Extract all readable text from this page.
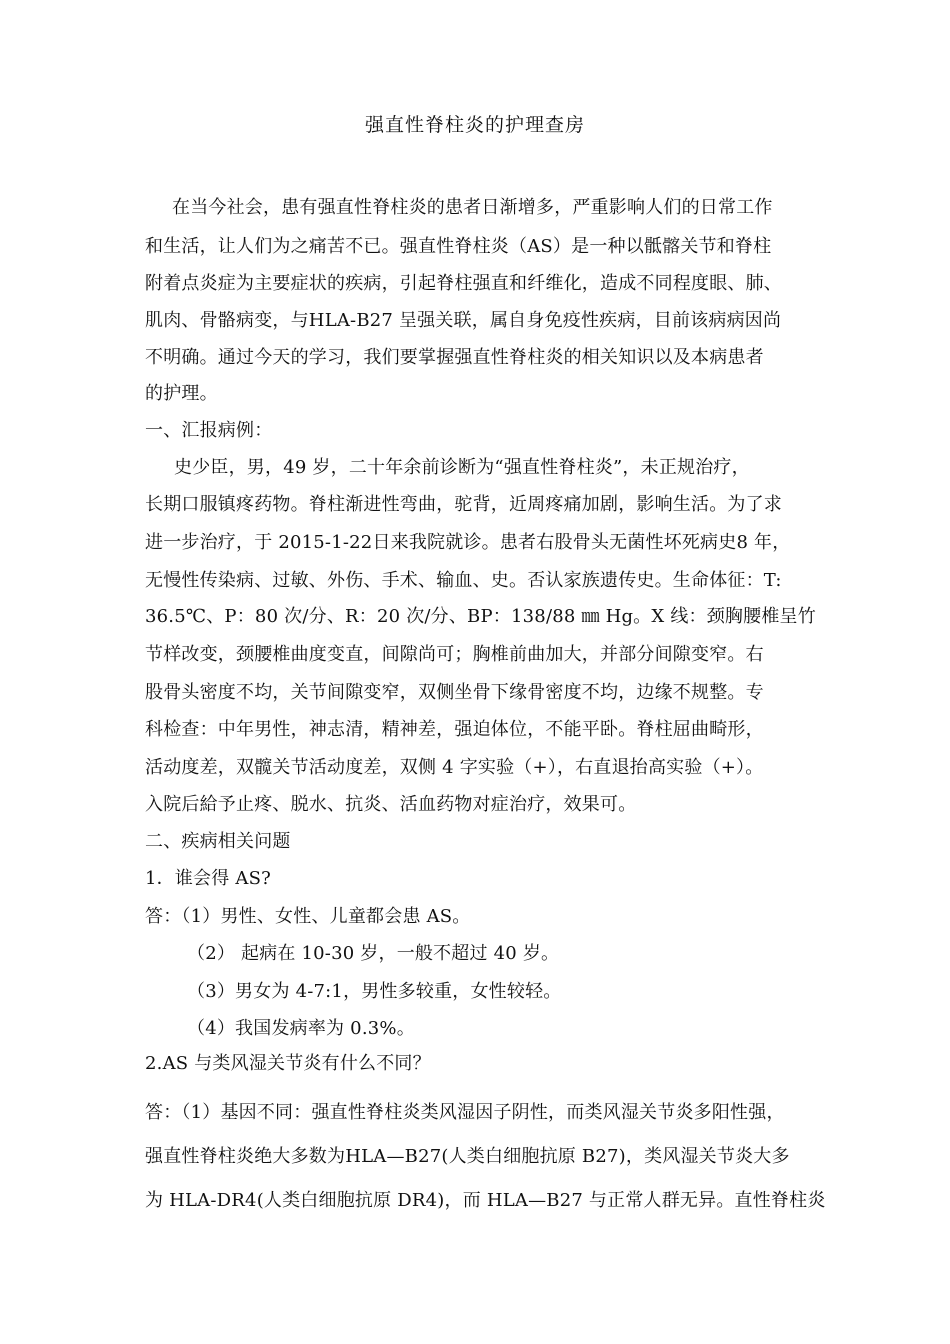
强直性脊柱炎的护理查房
在当今社会，患有强直性脊柱炎的患者日渐增多，严重影响人们的日常工作
和生活，让人们为之痛苦不已。强直性脊柱炎（AS）是一种以骶髂关节和脊柱
附着点炎症为主要症状的疾病，引起脊柱强直和纤维化，造成不同程度眼、肺、
肌肉、骨骼病变，与HLA-B27 呈强关联，属自身免疫性疾病，目前该病病因尚
不明确。通过今天的学习，我们要掌握强直性脊柱炎的相关知识以及本病患者
的护理。
一、汇报病例：
史少臣，男，49 岁，二十年余前诊断为“强直性脊柱炎”，未正规治疗，
长期口服镇疼药物。脊柱渐进性弯曲，驼背，近周疼痛加剧，影响生活。为了求
进一步治疗，于 2015-1-22日来我院就诊。患者右股骨头无菌性坏死病史8 年，
无慢性传染病、过敏、外伤、手术、输血、史。否认家族遗传史。生命体征：T:
36.5℃、P：80 次/分、R：20 次/分、BP：138/88 ㎜ Hg。X 线：颈胸腰椎呈竹
节样改变，颈腰椎曲度变直，间隙尚可；胸椎前曲加大，并部分间隙变窄。右
股骨头密度不均，关节间隙变窄，双侧坐骨下缘骨密度不均，边缘不规整。专
科检查：中年男性，神志清，精神差，强迫体位，不能平卧。脊柱屈曲畸形，
活动度差，双髋关节活动度差，双侧 4 字实验（+），右直退抬高实验（+）。
入院后給予止疼、脱水、抗炎、活血药物对症治疗，效果可。
二、疾病相关问题
1．谁会得 AS?
答：（1）男性、女性、儿童都会患 AS。
（2） 起病在 10-30 岁，一般不超过 40 岁。
（3）男女为 4-7:1，男性多较重，女性较轻。
（4）我国发病率为 0.3%。
2.AS 与类风湿关节炎有什么不同？
答：（1）基因不同：强直性脊柱炎类风湿因子阴性，而类风湿关节炎多阳性强，
强直性脊柱炎绝大多数为HLA—B27(人类白细胞抗原 B27)，类风湿关节炎大多
为 HLA-DR4(人类白细胞抗原 DR4)，而 HLA—B27 与正常人群无异。直性脊柱炎
